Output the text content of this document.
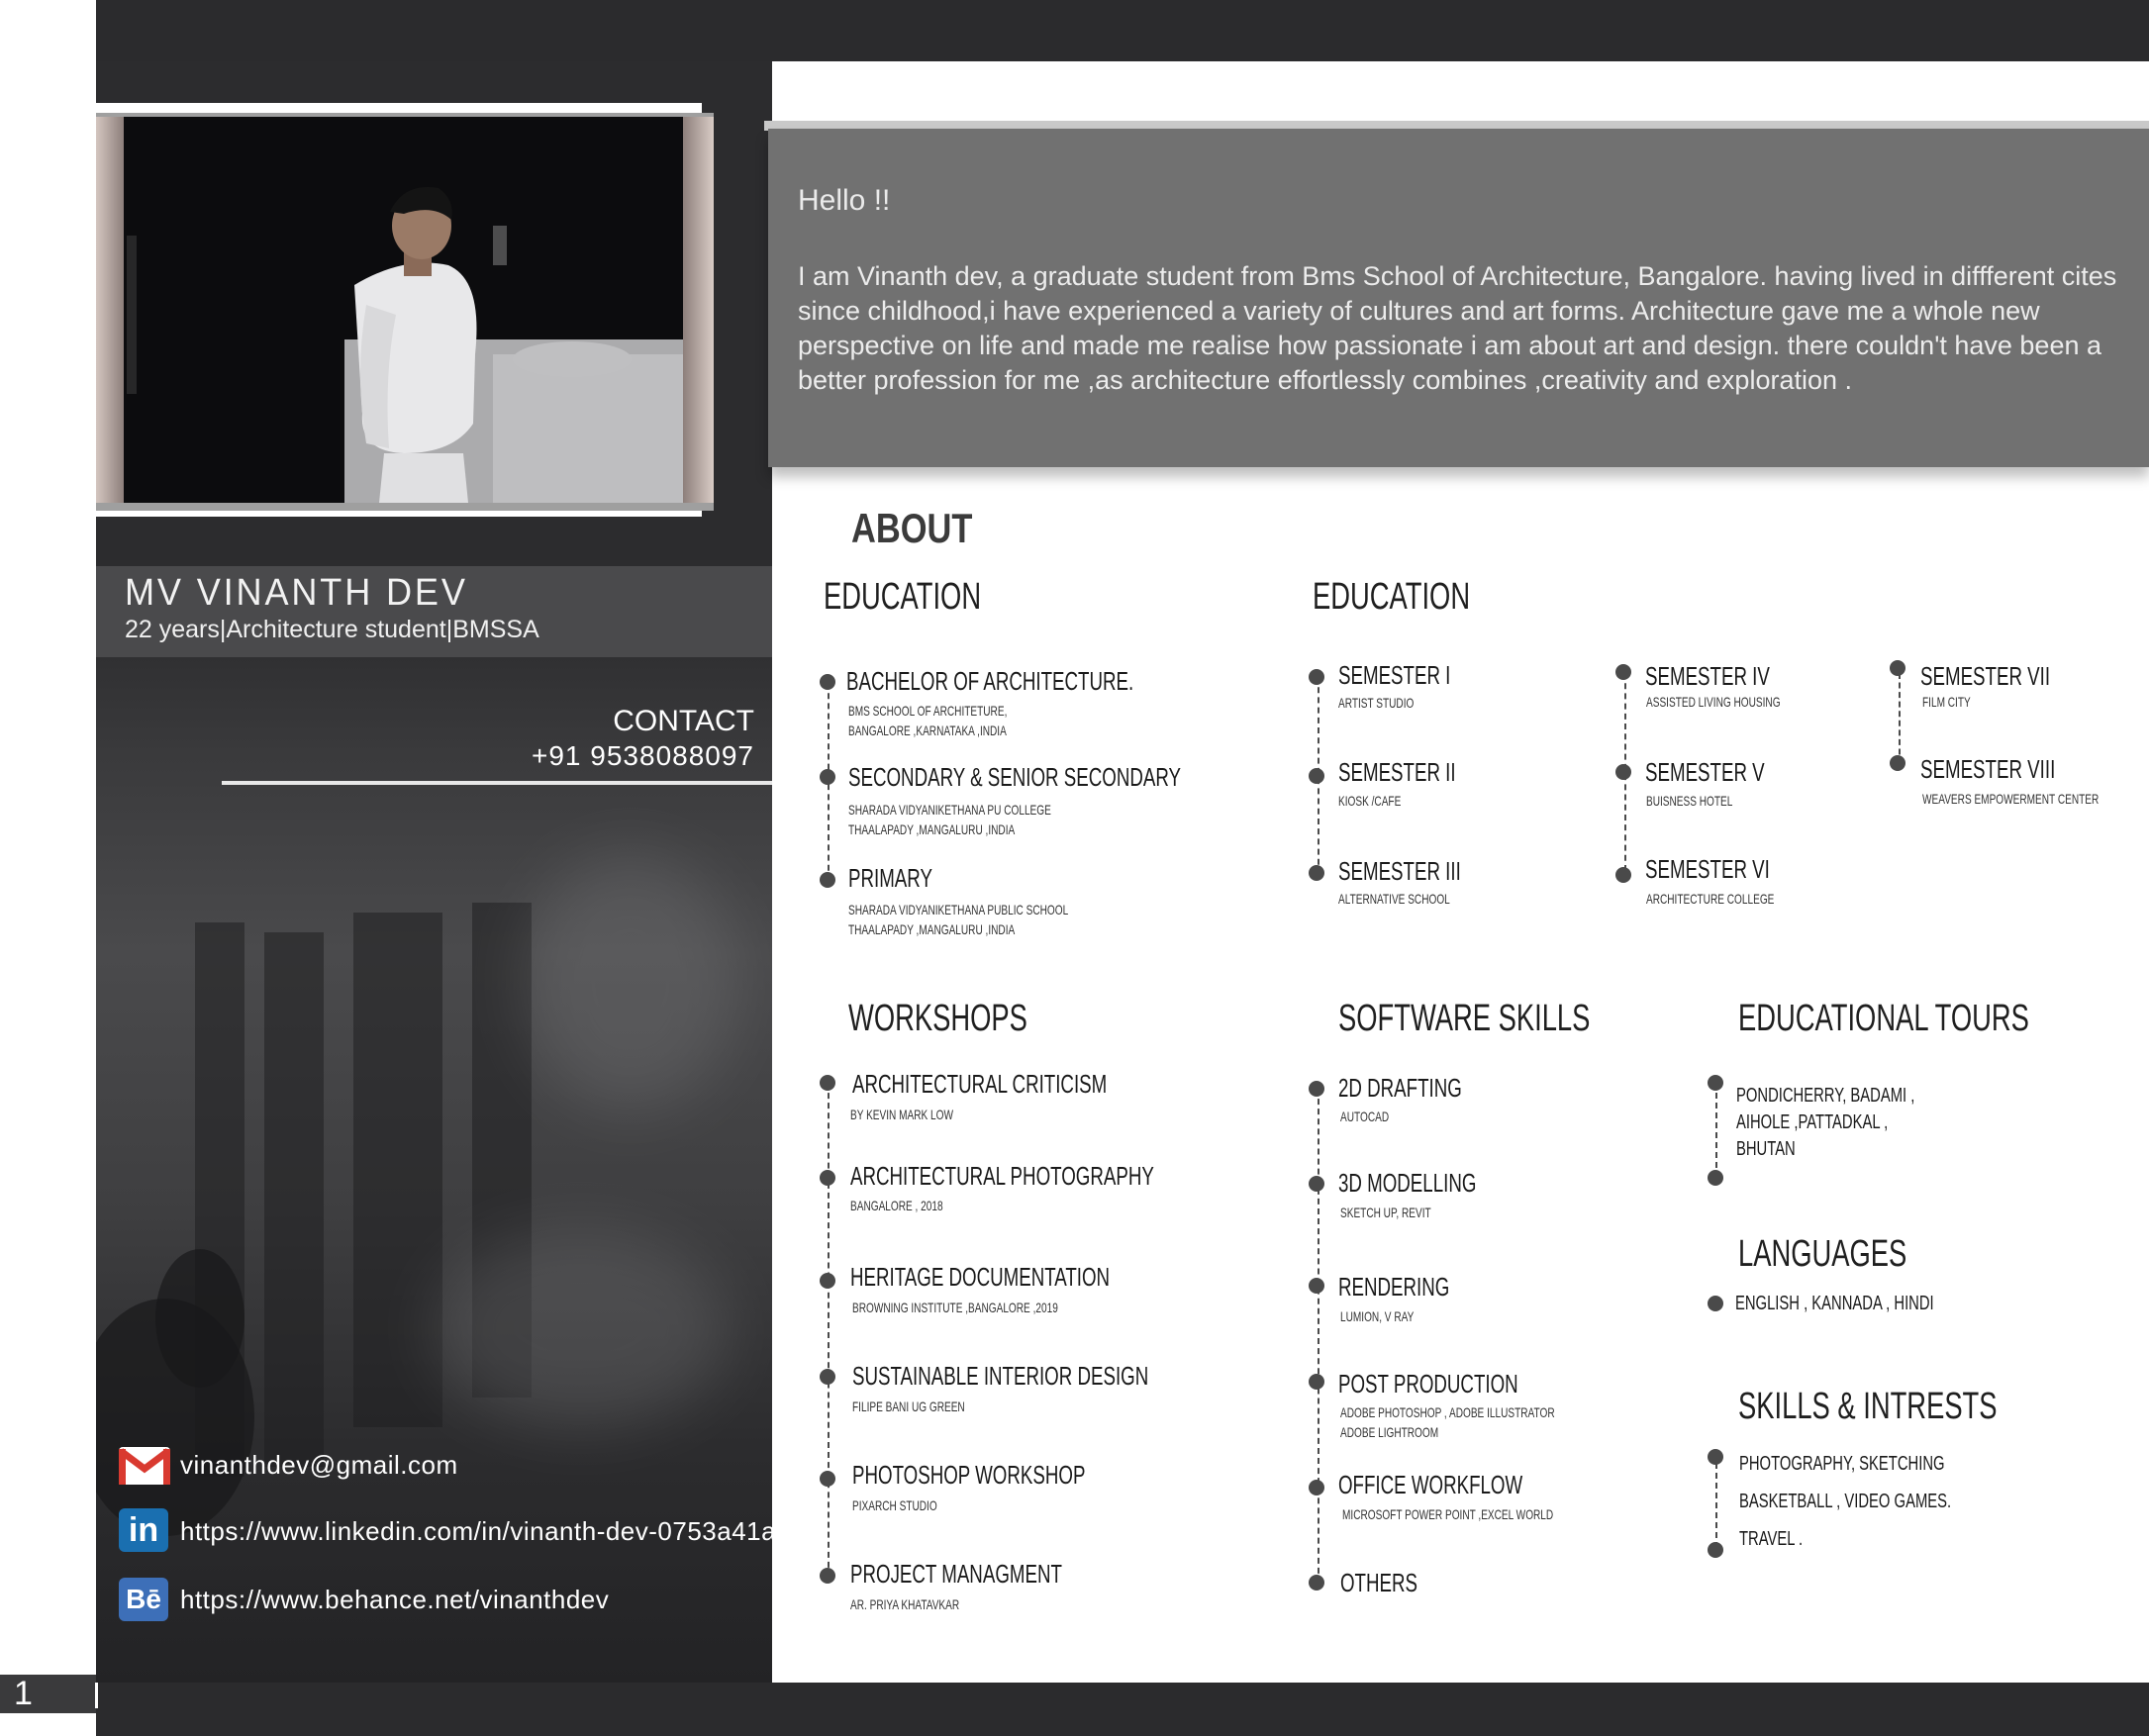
1
MV VINANTH DEV
22 years|Architecture student|BMSSA
CONTACT
+91 9538088097
vinanthdev@gmail.com
in https://www.linkedin.com/in/vinanth-dev-0753a41a6
Bē https://www.behance.net/vinanthdev
Hello !!
I am Vinanth dev, a graduate student from Bms School of Architecture, Bangalore. having lived in diffferent cites since childhood,i have experienced a variety of cultures and art forms. Architecture gave me a whole new perspective on life and made me realise how passionate i am about art and design. there couldn't have been a better profession for me ,as architecture effortlessly combines ,creativity and exploration .
ABOUT
EDUCATION
BACHELOR OF ARCHITECTURE.
BMS SCHOOL OF ARCHITETURE,
BANGALORE ,KARNATAKA ,INDIA
SECONDARY & SENIOR SECONDARY
SHARADA VIDYANIKETHANA PU COLLEGE
THAALAPADY ,MANGALURU ,INDIA
PRIMARY
SHARADA VIDYANIKETHANA PUBLIC SCHOOL
THAALAPADY ,MANGALURU ,INDIA
EDUCATION
SEMESTER I
ARTIST STUDIO
SEMESTER II
KIOSK /CAFE
SEMESTER III
ALTERNATIVE SCHOOL
SEMESTER IV
ASSISTED LIVING HOUSING
SEMESTER V
BUISNESS HOTEL
SEMESTER VI
ARCHITECTURE COLLEGE
SEMESTER VII
FILM CITY
SEMESTER VIII
WEAVERS EMPOWERMENT CENTER
WORKSHOPS
ARCHITECTURAL CRITICISM
BY KEVIN MARK LOW
ARCHITECTURAL PHOTOGRAPHY
BANGALORE , 2018
HERITAGE DOCUMENTATION
BROWNING INSTITUTE ,BANGALORE ,2019
SUSTAINABLE INTERIOR DESIGN
FILIPE BANI UG GREEN
PHOTOSHOP WORKSHOP
PIXARCH STUDIO
PROJECT MANAGMENT
AR. PRIYA KHATAVKAR
SOFTWARE SKILLS
2D DRAFTING
AUTOCAD
3D MODELLING
SKETCH UP, REVIT
RENDERING
LUMION, V RAY
POST PRODUCTION
ADOBE PHOTOSHOP , ADOBE ILLUSTRATOR
ADOBE LIGHTROOM
OFFICE WORKFLOW
MICROSOFT POWER POINT ,EXCEL WORLD
OTHERS
EDUCATIONAL TOURS
PONDICHERRY, BADAMI ,
AIHOLE ,PATTADKAL ,
BHUTAN
LANGUAGES
ENGLISH , KANNADA , HINDI
SKILLS & INTRESTS
PHOTOGRAPHY, SKETCHING
BASKETBALL , VIDEO GAMES.
TRAVEL .
